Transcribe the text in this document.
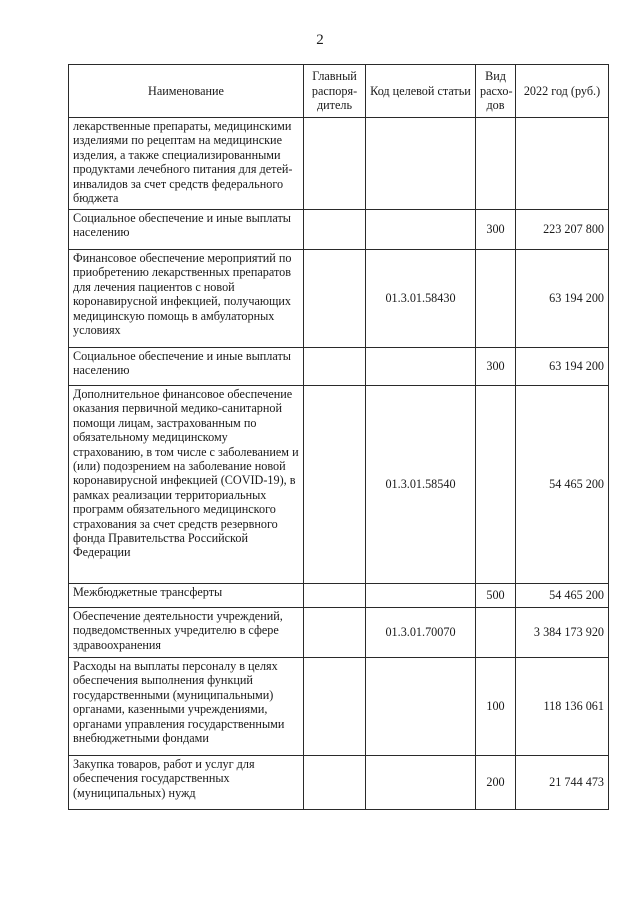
2
Наименование	Главный распоря-дитель	Код целевой статьи	Вид расхо-дов	2022 год (руб.)
лекарственные препараты, медицинскими изделиями по рецептам на медицинские изделия, а также специализированными продуктами лечебного питания для детей-инвалидов за счет средств федерального бюджета				
Социальное обеспечение и иные выплаты населению			300	223 207 800
Финансовое обеспечение мероприятий по приобретению лекарственных препаратов для лечения пациентов с новой коронавирусной инфекцией, получающих медицинскую помощь в амбулаторных условиях		01.3.01.58430		63 194 200
Социальное обеспечение и иные выплаты населению			300	63 194 200
Дополнительное финансовое обеспечение оказания первичной медико-санитарной помощи лицам, застрахованным по обязательному медицинскому страхованию, в том числе с заболеванием и (или) подозрением на заболевание новой коронавирусной инфекцией (COVID-19), в рамках реализации территориальных программ обязательного медицинского страхования за счет средств резервного фонда Правительства Российской Федерации		01.3.01.58540		54 465 200
Межбюджетные трансферты			500	54 465 200
Обеспечение деятельности учреждений, подведомственных учредителю в сфере здравоохранения		01.3.01.70070		3 384 173 920
Расходы на выплаты персоналу в целях обеспечения выполнения функций государственными (муниципальными) органами, казенными учреждениями, органами управления государственными внебюджетными фондами			100	118 136 061
Закупка товаров, работ и услуг для обеспечения государственных (муниципальных) нужд			200	21 744 473
